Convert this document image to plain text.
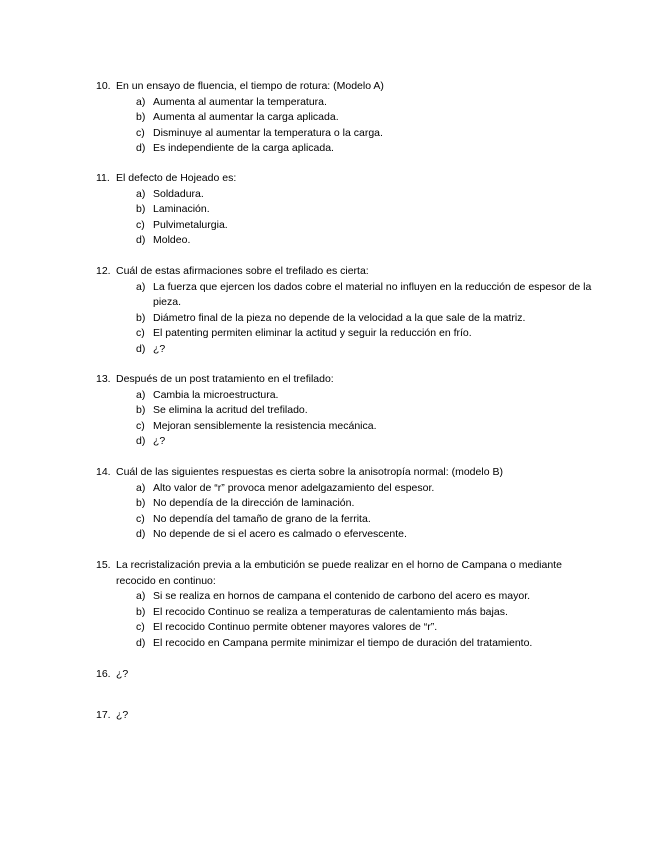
10. En un ensayo de fluencia, el tiempo de rotura: (Modelo A)
a) Aumenta al aumentar la temperatura.
b) Aumenta al aumentar la carga aplicada.
c) Disminuye al aumentar la temperatura o la carga.
d) Es independiente de la carga aplicada.
11. El defecto de Hojeado es:
a) Soldadura.
b) Laminación.
c) Pulvimetalurgia.
d) Moldeo.
12. Cuál de estas afirmaciones sobre el trefilado es cierta:
a) La fuerza que ejercen los dados cobre el material no influyen en la reducción de espesor de la pieza.
b) Diámetro final de la pieza no depende de la velocidad a la que sale de la matriz.
c) El patenting permiten eliminar la actitud y seguir la reducción en frío.
d) ¿?
13. Después de un post tratamiento en el trefilado:
a) Cambia la microestructura.
b) Se elimina la acritud del trefilado.
c) Mejoran sensiblemente la resistencia mecánica.
d) ¿?
14. Cuál de las siguientes respuestas es cierta sobre la anisotropía normal: (modelo B)
a) Alto valor de “r” provoca menor adelgazamiento del espesor.
b) No dependía de la dirección de laminación.
c) No dependía del tamaño de grano de la ferrita.
d) No depende de si el acero es calmado o efervescente.
15. La recristalización previa a la embutición se puede realizar en el horno de Campana o mediante recocido en continuo:
a) Si se realiza en hornos de campana el contenido de carbono del acero es mayor.
b) El recocido Continuo se realiza a temperaturas de calentamiento más bajas.
c) El recocido Continuo permite obtener mayores valores de “r”.
d) El recocido en Campana permite minimizar el tiempo de duración del tratamiento.
16. ¿?
17. ¿?
